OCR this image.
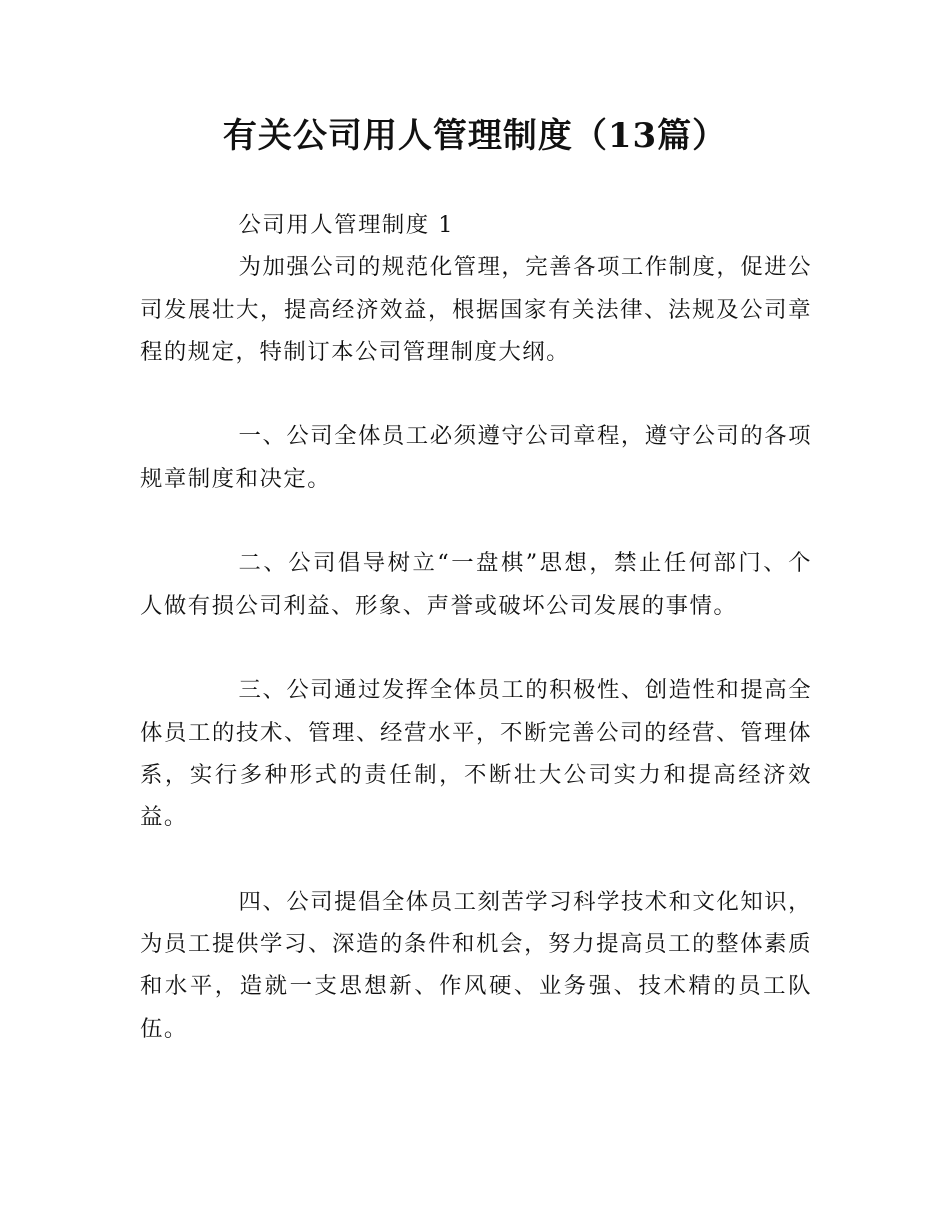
有关公司用人管理制度（13篇）

公司用人管理制度 1

为加强公司的规范化管理，完善各项工作制度，促进公司发展壮大，提高经济效益，根据国家有关法律、法规及公司章程的规定，特制订本公司管理制度大纲。

一、公司全体员工必须遵守公司章程，遵守公司的各项规章制度和决定。

二、公司倡导树立“一盘棋”思想，禁止任何部门、个人做有损公司利益、形象、声誉或破坏公司发展的事情。

三、公司通过发挥全体员工的积极性、创造性和提高全体员工的技术、管理、经营水平，不断完善公司的经营、管理体系，实行多种形式的责任制，不断壮大公司实力和提高经济效益。

四、公司提倡全体员工刻苦学习科学技术和文化知识，为员工提供学习、深造的条件和机会，努力提高员工的整体素质和水平，造就一支思想新、作风硬、业务强、技术精的员工队伍。
